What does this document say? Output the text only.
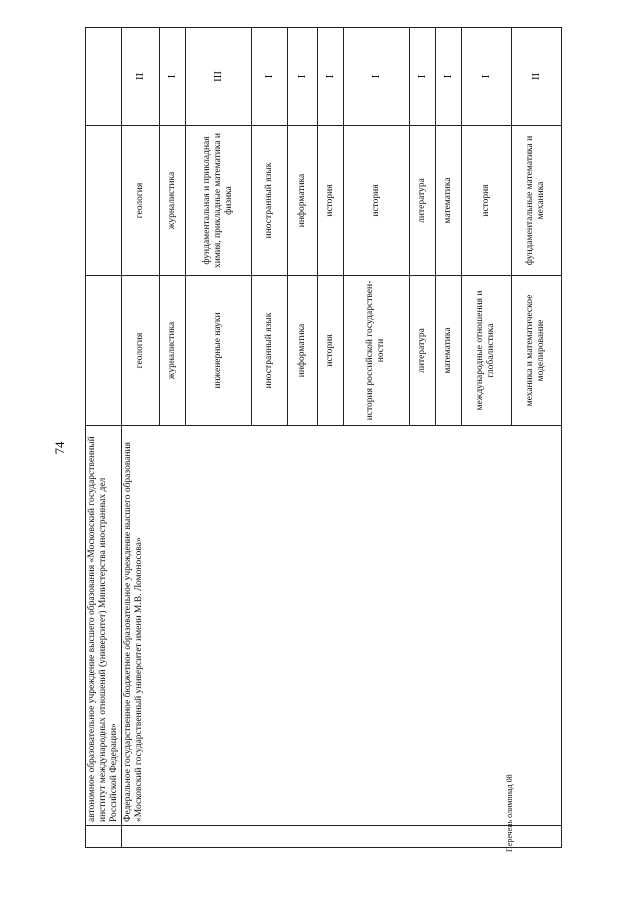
74
Перечень олимпиад 08
	автономное образовательное учреждение высшего образования «Московский государственный институт международных отношений (университет) Министерства иностранных дел Российской Федерации»			
	Федеральное государственное бюджетное образовательное учреждение высшего образования «Московский государственный университет имени М.В. Ломоносова»	геология	геология	II
		журналистика	журналистика	I
		инженерные науки	фундаментальная и прикладная химия, прикладные математика и физика	III
		иностранный язык	иностранный язык	I
		информатика	информатика	I
		история	история	I
		история российской государствен-ности	история	I
		литература	литература	I
		математика	математика	I
		международные отношения и глобалистика	история	I
		механика и математическое моделирование	фундаментальные математика и механика	II
